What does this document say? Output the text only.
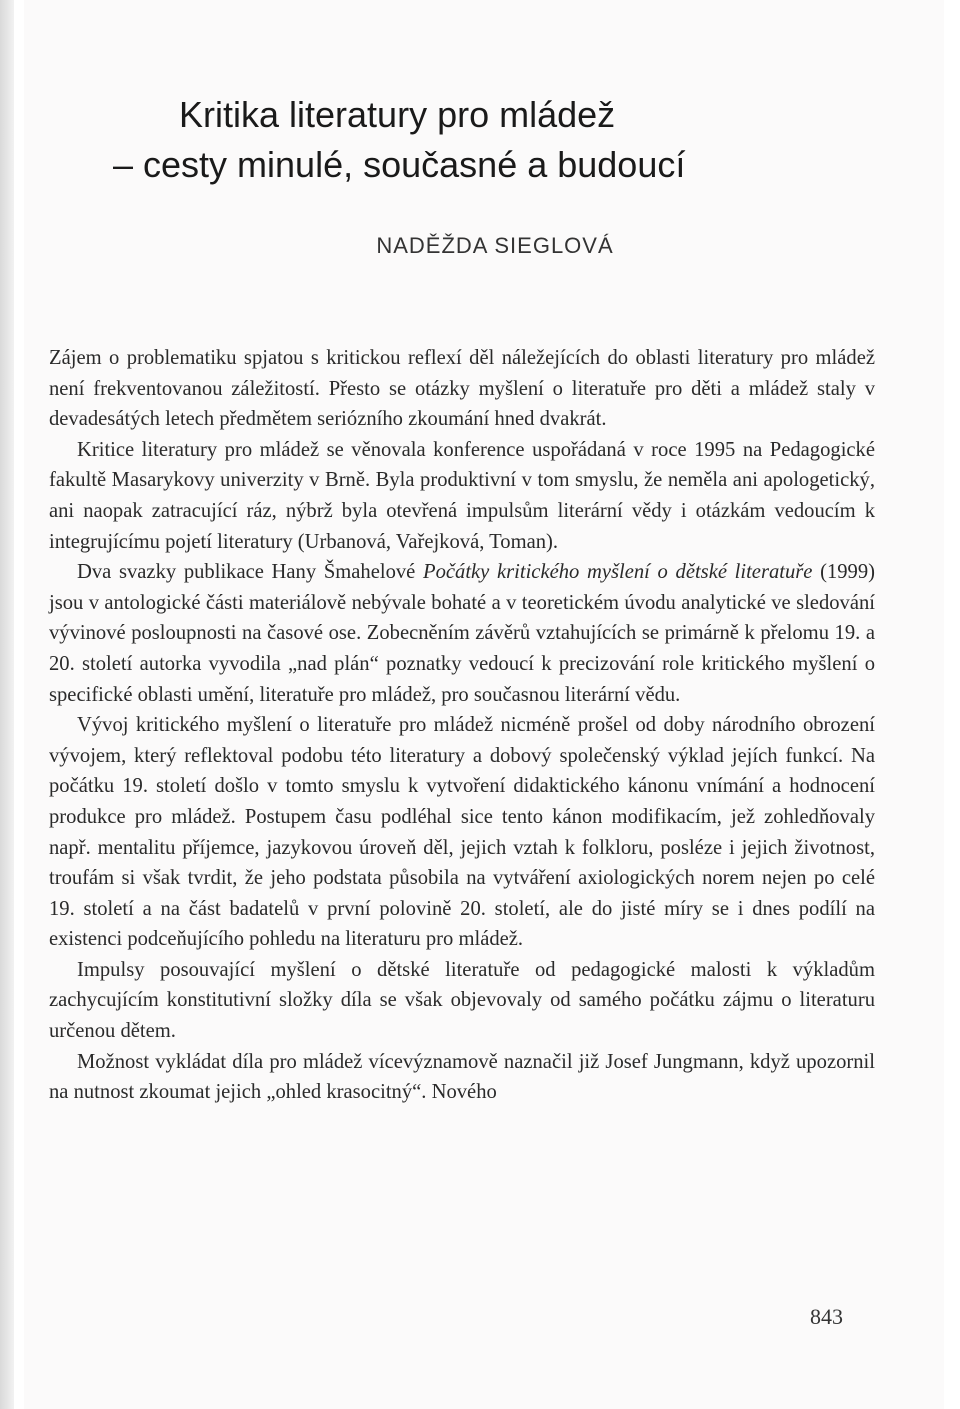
Kritika literatury pro mládež
– cesty minulé, současné a budoucí
NADĚŽDA SIEGLOVÁ

Zájem o problematiku spjatou s kritickou reflexí děl náležejících do oblasti literatury pro mládež není frekventovanou záležitostí. Přesto se otázky myšlení o literatuře pro děti a mládež staly v devadesátých letech předmětem seriózního zkoumání hned dvakrát.

Kritice literatury pro mládež se věnovala konference uspořádaná v roce 1995 na Pedagogické fakultě Masarykovy univerzity v Brně. Byla produktivní v tom smyslu, že neměla ani apologetický, ani naopak zatracující ráz, nýbrž byla otevřená impulsům literární vědy i otázkám vedoucím k integrujícímu pojetí literatury (Urbanová, Vařejková, Toman).

Dva svazky publikace Hany Šmahelové Počátky kritického myšlení o dětské literatuře (1999) jsou v antologické části materiálově nebývale bohaté a v teoretickém úvodu analytické ve sledování vývinové posloupnosti na časové ose. Zobecněním závěrů vztahujících se primárně k přelomu 19. a 20. století autorka vyvodila „nad plán“ poznatky vedoucí k precizování role kritického myšlení o specifické oblasti umění, literatuře pro mládež, pro současnou literární vědu.

Vývoj kritického myšlení o literatuře pro mládež nicméně prošel od doby národního obrození vývojem, který reflektoval podobu této literatury a dobový společenský výklad jejích funkcí. Na počátku 19. století došlo v tomto smyslu k vytvoření didaktického kánonu vnímání a hodnocení produkce pro mládež. Postupem času podléhal sice tento kánon modifikacím, jež zohledňovaly např. mentalitu příjemce, jazykovou úroveň děl, jejich vztah k folkloru, posléze i jejich životnost, troufám si však tvrdit, že jeho podstata působila na vytváření axiologických norem nejen po celé 19. století a na část badatelů v první polovině 20. století, ale do jisté míry se i dnes podílí na existenci podceňujícího pohledu na literaturu pro mládež.

Impulsy posouvající myšlení o dětské literatuře od pedagogické malosti k výkladům zachycujícím konstitutivní složky díla se však objevovaly od samého počátku zájmu o literaturu určenou dětem.

Možnost vykládat díla pro mládež vícevýznamově naznačil již Josef Jungmann, když upozornil na nutnost zkoumat jejich „ohled krasocitný“. Nového

843
